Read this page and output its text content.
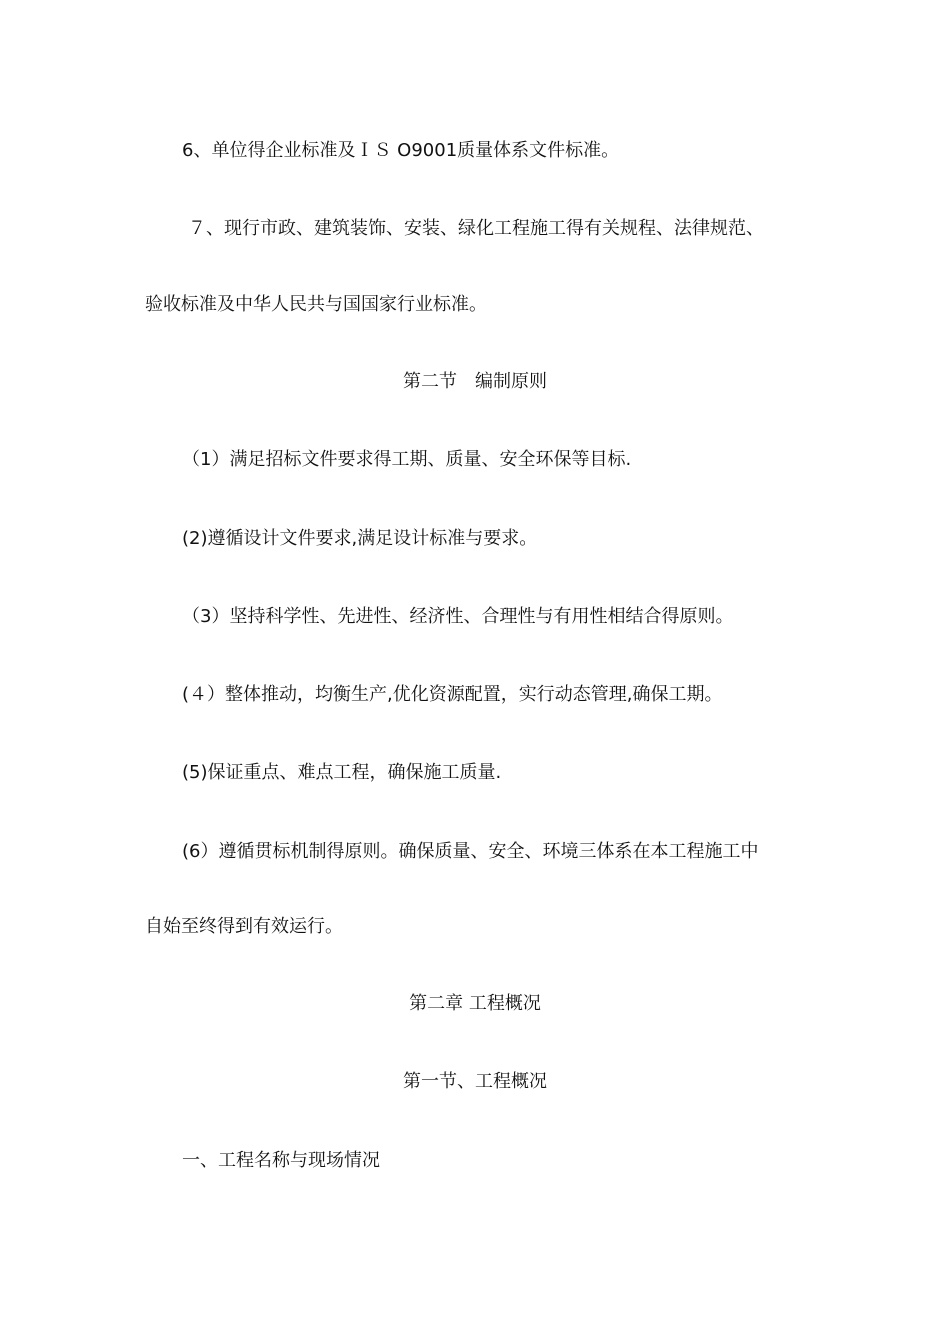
6、单位得企业标准及ＩＳ O9001质量体系文件标准。
７、现行市政、建筑装饰、安装、绿化工程施工得有关规程、法律规范、
验收标准及中华人民共与国国家行业标准。
第二节　编制原则
（1）满足招标文件要求得工期、质量、安全环保等目标.
(2)遵循设计文件要求,满足设计标准与要求。
（3）坚持科学性、先进性、经济性、合理性与有用性相结合得原则。
(４）整体推动，均衡生产,优化资源配置，实行动态管理,确保工期。
(5)保证重点、难点工程，确保施工质量.
(6）遵循贯标机制得原则。确保质量、安全、环境三体系在本工程施工中
自始至终得到有效运行。
第二章 工程概况
第一节、工程概况
一、工程名称与现场情况
